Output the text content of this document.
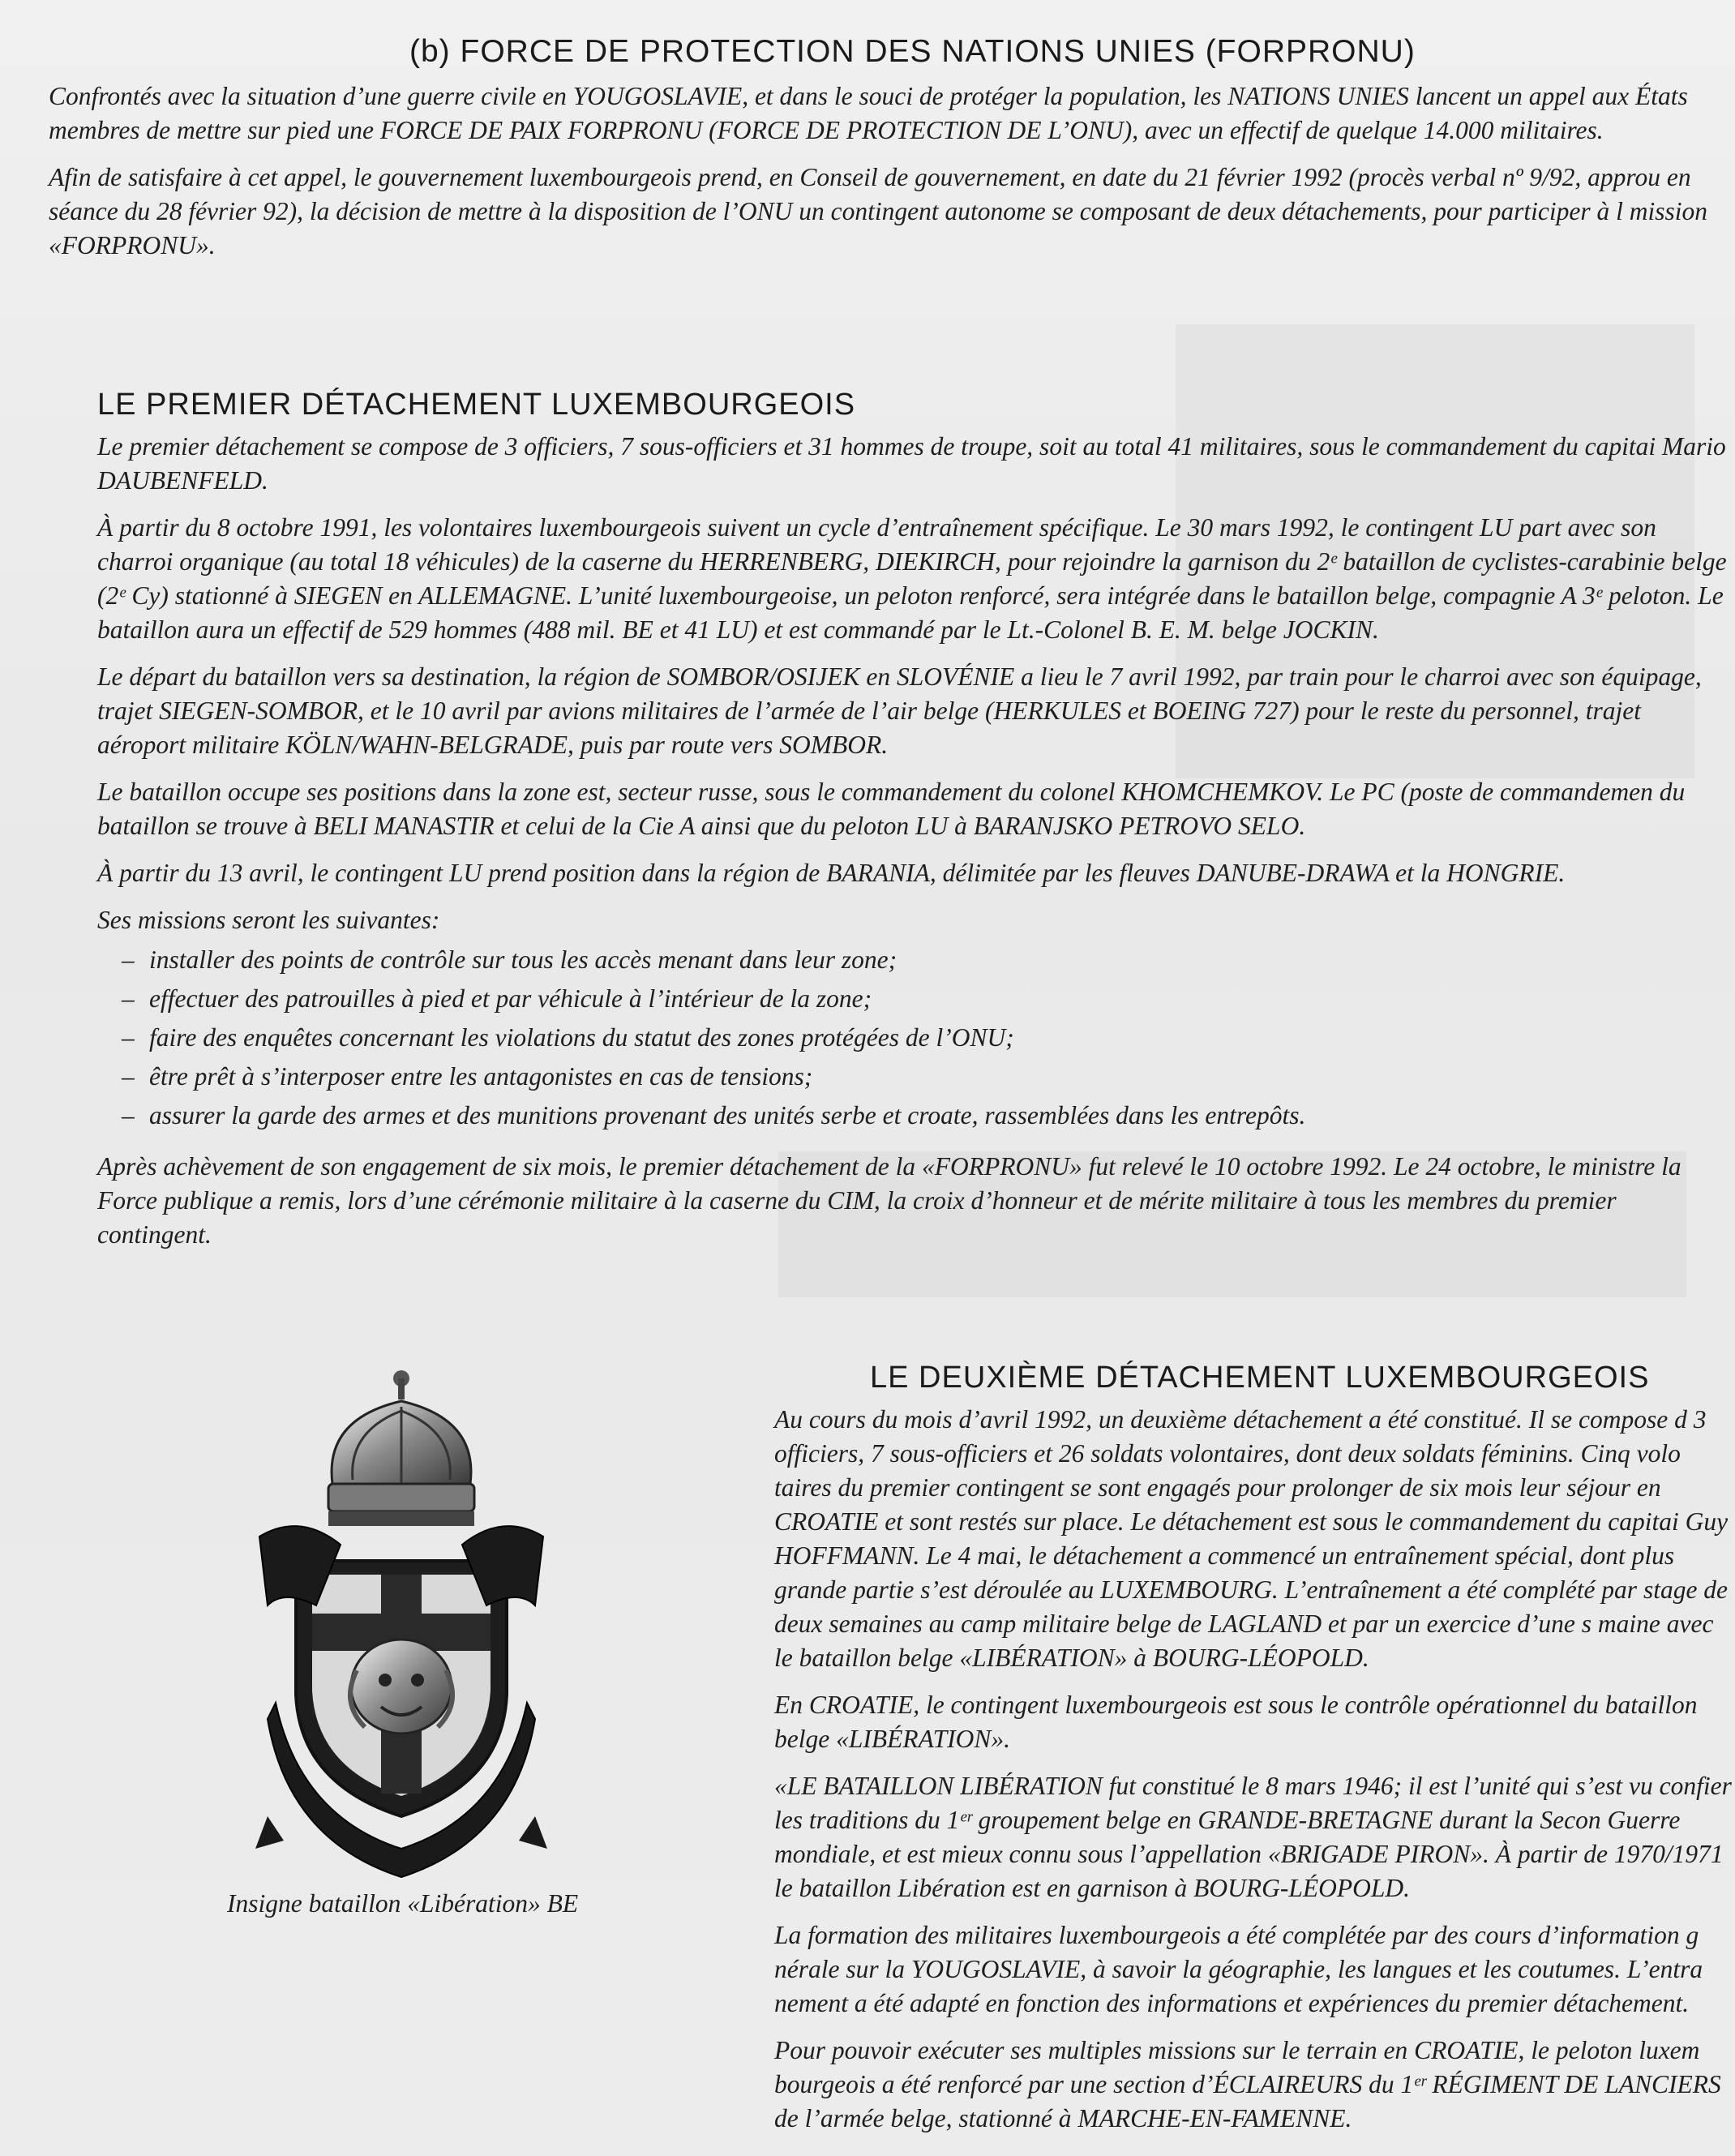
(b) FORCE DE PROTECTION DES NATIONS UNIES (FORPRONU)

Confrontés avec la situation d’une guerre civile en YOUGOSLAVIE, et dans le souci de protéger la population, les NATIONS UNIES lancent un appel aux États membres de mettre sur pied une FORCE DE PAIX FORPRONU (FORCE DE PROTECTION DE L’ONU), avec un effectif de quelque 14.000 militaires.

Afin de satisfaire à cet appel, le gouvernement luxembourgeois prend, en Conseil de gouvernement, en date du 21 février 1992 (procès verbal nº 9/92, approu en séance du 28 février 92), la décision de mettre à la disposition de l’ONU un contingent autonome se composant de deux détachements, pour participer à l mission «FORPRONU».

LE PREMIER DÉTACHEMENT LUXEMBOURGEOIS

Le premier détachement se compose de 3 officiers, 7 sous-officiers et 31 hommes de troupe, soit au total 41 militaires, sous le commandement du capitai Mario DAUBENFELD.

À partir du 8 octobre 1991, les volontaires luxembourgeois suivent un cycle d’entraînement spécifique. Le 30 mars 1992, le contingent LU part avec son charroi organique (au total 18 véhicules) de la caserne du HERRENBERG, DIEKIRCH, pour rejoindre la garnison du 2ᵉ bataillon de cyclistes-carabinie belge (2ᵉ Cy) stationné à SIEGEN en ALLEMAGNE. L’unité luxembourgeoise, un peloton renforcé, sera intégrée dans le bataillon belge, compagnie A 3ᵉ peloton. Le bataillon aura un effectif de 529 hommes (488 mil. BE et 41 LU) et est commandé par le Lt.-Colonel B. E. M. belge JOCKIN.

Le départ du bataillon vers sa destination, la région de SOMBOR/OSIJEK en SLOVÉNIE a lieu le 7 avril 1992, par train pour le charroi avec son équipage, trajet SIEGEN-SOMBOR, et le 10 avril par avions militaires de l’armée de l’air belge (HERKULES et BOEING 727) pour le reste du personnel, trajet aéroport militaire KÖLN/WAHN-BELGRADE, puis par route vers SOMBOR.

Le bataillon occupe ses positions dans la zone est, secteur russe, sous le commandement du colonel KHOMCHEMKOV. Le PC (poste de commandemen du bataillon se trouve à BELI MANASTIR et celui de la Cie A ainsi que du peloton LU à BARANJSKO PETROVO SELO.

À partir du 13 avril, le contingent LU prend position dans la région de BARANIA, délimitée par les fleuves DANUBE-DRAWA et la HONGRIE.

Ses missions seront les suivantes:

– installer des points de contrôle sur tous les accès menant dans leur zone;
– effectuer des patrouilles à pied et par véhicule à l’intérieur de la zone;
– faire des enquêtes concernant les violations du statut des zones protégées de l’ONU;
– être prêt à s’interposer entre les antagonistes en cas de tensions;
– assurer la garde des armes et des munitions provenant des unités serbe et croate, rassemblées dans les entrepôts.

Après achèvement de son engagement de six mois, le premier détachement de la «FORPRONU» fut relevé le 10 octobre 1992. Le 24 octobre, le ministre la Force publique a remis, lors d’une cérémonie militaire à la caserne du CIM, la croix d’honneur et de mérite militaire à tous les membres du premier contingent.

Insigne bataillon «Libération» BE
LE DEUXIÈME DÉTACHEMENT LUXEMBOURGEOIS

Au cours du mois d’avril 1992, un deuxième détachement a été constitué. Il se compose d 3 officiers, 7 sous-officiers et 26 soldats volontaires, dont deux soldats féminins. Cinq volo taires du premier contingent se sont engagés pour prolonger de six mois leur séjour en CROATIE et sont restés sur place. Le détachement est sous le commandement du capitai Guy HOFFMANN. Le 4 mai, le détachement a commencé un entraînement spécial, dont plus grande partie s’est déroulée au LUXEMBOURG. L’entraînement a été complété par stage de deux semaines au camp militaire belge de LAGLAND et par un exercice d’une s maine avec le bataillon belge «LIBÉRATION» à BOURG-LÉOPOLD.

En CROATIE, le contingent luxembourgeois est sous le contrôle opérationnel du bataillon belge «LIBÉRATION».

«LE BATAILLON LIBÉRATION fut constitué le 8 mars 1946; il est l’unité qui s’est vu confier les traditions du 1ᵉʳ groupement belge en GRANDE-BRETAGNE durant la Secon Guerre mondiale, et est mieux connu sous l’appellation «BRIGADE PIRON». À partir de 1970/1971 le bataillon Libération est en garnison à BOURG-LÉOPOLD.

La formation des militaires luxembourgeois a été complétée par des cours d’information g nérale sur la YOUGOSLAVIE, à savoir la géographie, les langues et les coutumes. L’entra nement a été adapté en fonction des informations et expériences du premier détachement.

Pour pouvoir exécuter ses multiples missions sur le terrain en CROATIE, le peloton luxem bourgeois a été renforcé par une section d’ÉCLAIREURS du 1ᵉʳ RÉGIMENT DE LANCIERS de l’armée belge, stationné à MARCHE-EN-FAMENNE.
